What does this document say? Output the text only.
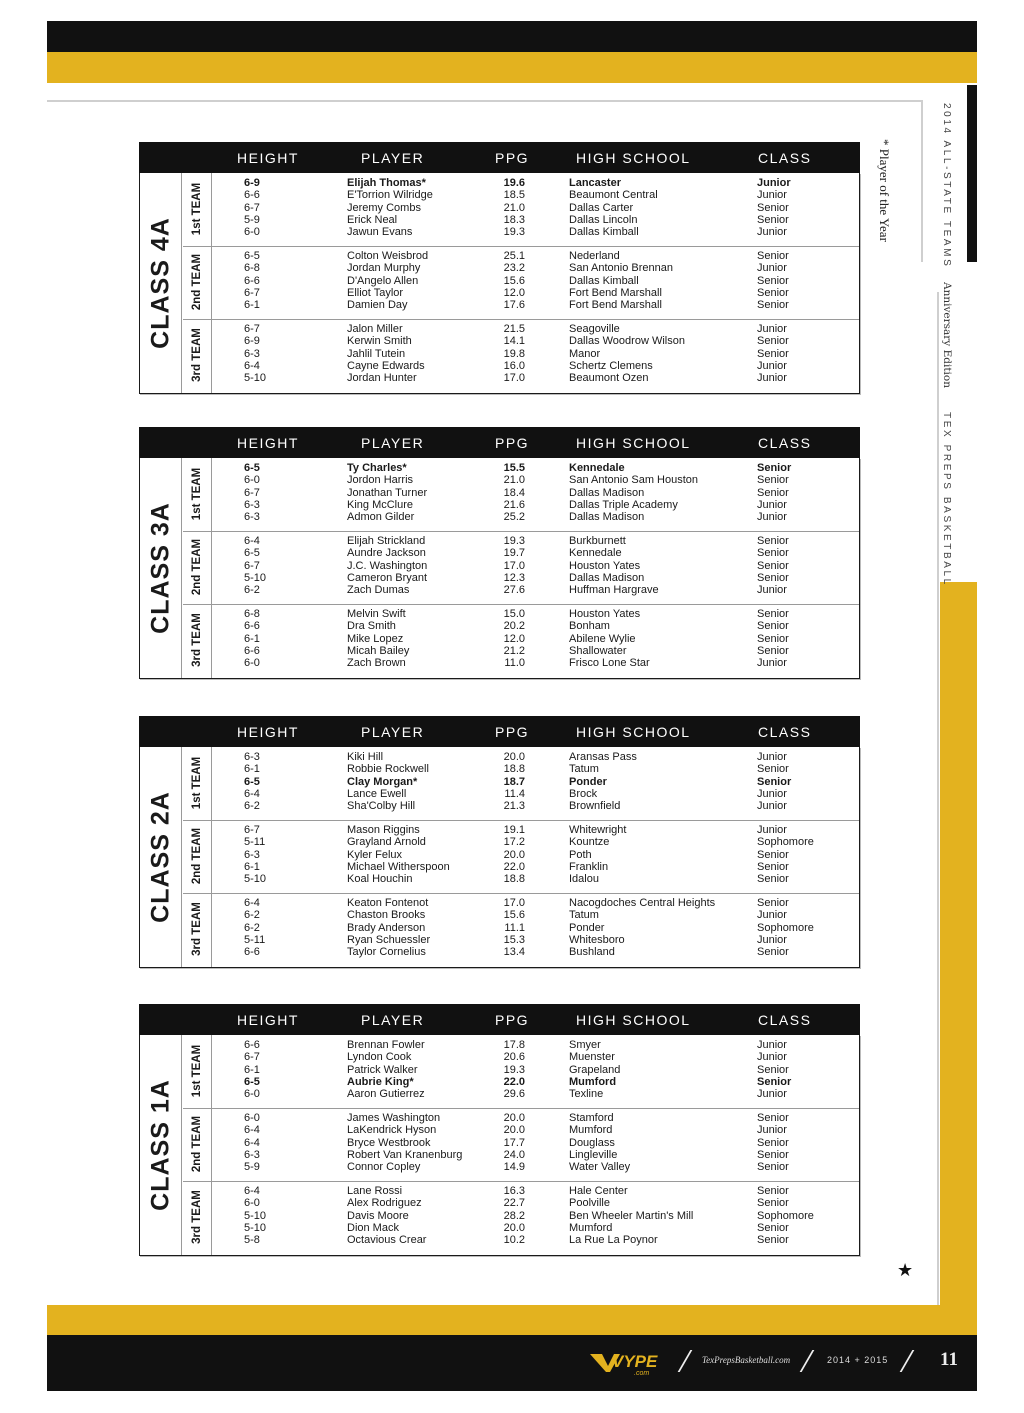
2014 ALL-STATE TEAMS
Anniversary Edition
TEX PREPS BASKETBALL
* Player of the Year
★
HEIGHT	PLAYER	PPG	HIGH SCHOOL	CLASS
CLASS 4A
1st TEAM
2nd TEAM
3rd TEAM
6-9	Elijah Thomas*	19.6	Lancaster	Junior
6-6	E'Torrion Wilridge	18.5	Beaumont Central	Junior
6-7	Jeremy Combs	21.0	Dallas Carter	Senior
5-9	Erick Neal	18.3	Dallas Lincoln	Senior
6-0	Jawun Evans	19.3	Dallas Kimball	Junior
6-5	Colton Weisbrod	25.1	Nederland	Senior
6-8	Jordan Murphy	23.2	San Antonio Brennan	Junior
6-6	D'Angelo Allen	15.6	Dallas Kimball	Senior
6-7	Elliot Taylor	12.0	Fort Bend Marshall	Senior
6-1	Damien Day	17.6	Fort Bend Marshall	Senior
6-7	Jalon Miller	21.5	Seagoville	Junior
6-9	Kerwin Smith	14.1	Dallas Woodrow Wilson	Senior
6-3	Jahlil Tutein	19.8	Manor	Senior
6-4	Cayne Edwards	16.0	Schertz Clemens	Junior
5-10	Jordan Hunter	17.0	Beaumont Ozen	Junior
HEIGHT	PLAYER	PPG	HIGH SCHOOL	CLASS
CLASS 3A
1st TEAM
2nd TEAM
3rd TEAM
6-5	Ty Charles*	15.5	Kennedale	Senior
6-0	Jordon Harris	21.0	San Antonio Sam Houston	Senior
6-7	Jonathan Turner	18.4	Dallas Madison	Senior
6-3	King McClure	21.6	Dallas Triple Academy	Junior
6-3	Admon Gilder	25.2	Dallas Madison	Junior
6-4	Elijah Strickland	19.3	Burkburnett	Senior
6-5	Aundre Jackson	19.7	Kennedale	Senior
6-7	J.C. Washington	17.0	Houston Yates	Senior
5-10	Cameron Bryant	12.3	Dallas Madison	Senior
6-2	Zach Dumas	27.6	Huffman Hargrave	Junior
6-8	Melvin Swift	15.0	Houston Yates	Senior
6-6	Dra Smith	20.2	Bonham	Senior
6-1	Mike Lopez	12.0	Abilene Wylie	Senior
6-6	Micah Bailey	21.2	Shallowater	Senior
6-0	Zach Brown	11.0	Frisco Lone Star	Junior
HEIGHT	PLAYER	PPG	HIGH SCHOOL	CLASS
CLASS 2A
1st TEAM
2nd TEAM
3rd TEAM
6-3	Kiki Hill	20.0	Aransas Pass	Junior
6-1	Robbie Rockwell	18.8	Tatum	Senior
6-5	Clay Morgan*	18.7	Ponder	Senior
6-4	Lance Ewell	11.4	Brock	Junior
6-2	Sha'Colby Hill	21.3	Brownfield	Junior
6-7	Mason Riggins	19.1	Whitewright	Junior
5-11	Grayland Arnold	17.2	Kountze	Sophomore
6-3	Kyler Felux	20.0	Poth	Senior
6-1	Michael Witherspoon	22.0	Franklin	Senior
5-10	Koal Houchin	18.8	Idalou	Senior
6-4	Keaton Fontenot	17.0	Nacogdoches Central Heights	Senior
6-2	Chaston Brooks	15.6	Tatum	Junior
6-2	Brady Anderson	11.1	Ponder	Sophomore
5-11	Ryan Schuessler	15.3	Whitesboro	Junior
6-6	Taylor Cornelius	13.4	Bushland	Senior
HEIGHT	PLAYER	PPG	HIGH SCHOOL	CLASS
CLASS 1A
1st TEAM
2nd TEAM
3rd TEAM
6-6	Brennan Fowler	17.8	Smyer	Junior
6-7	Lyndon Cook	20.6	Muenster	Junior
6-1	Patrick Walker	19.3	Grapeland	Senior
6-5	Aubrie King*	22.0	Mumford	Senior
6-0	Aaron Gutierrez	29.6	Texline	Junior
6-0	James Washington	20.0	Stamford	Senior
6-4	LaKendrick Hyson	20.0	Mumford	Junior
6-4	Bryce Westbrook	17.7	Douglass	Senior
6-3	Robert Van Kranenburg	24.0	Lingleville	Senior
5-9	Connor Copley	14.9	Water Valley	Senior
6-4	Lane Rossi	16.3	Hale Center	Senior
6-0	Alex Rodriguez	22.7	Poolville	Senior
5-10	Davis Moore	28.2	Ben Wheeler Martin's Mill	Sophomore
5-10	Dion Mack	20.0	Mumford	Senior
5-8	Octavious Crear	10.2	La Rue La Poynor	Senior
VYPE
.com
TexPrepsBasketball.com	2014 + 2015	11
